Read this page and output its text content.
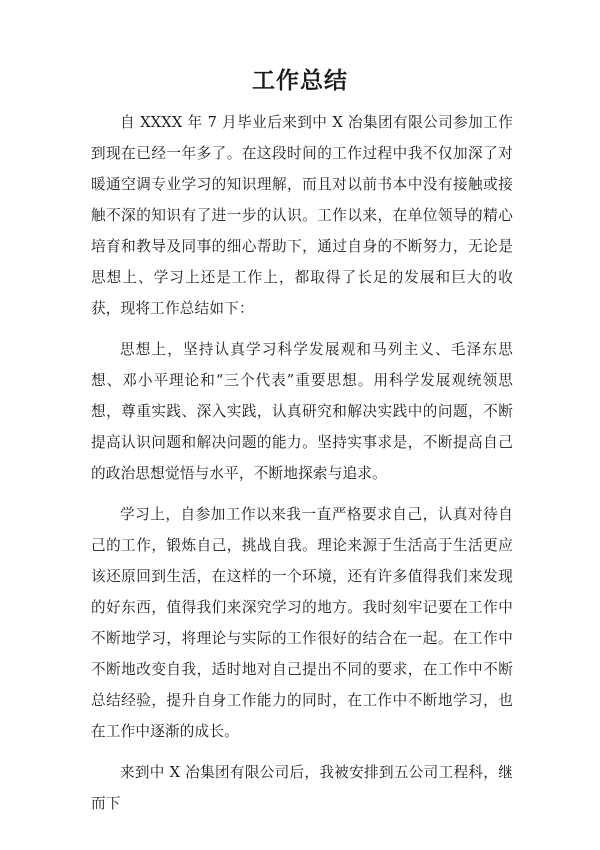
工作总结

自 XXXX 年 7 月毕业后来到中 X 冶集团有限公司参加工作到现在已经一年多了。在这段时间的工作过程中我不仅加深了对暖通空调专业学习的知识理解，而且对以前书本中没有接触或接触不深的知识有了进一步的认识。工作以来，在单位领导的精心培育和教导及同事的细心帮助下，通过自身的不断努力，无论是思想上、学习上还是工作上，都取得了长足的发展和巨大的收获，现将工作总结如下：

思想上，坚持认真学习科学发展观和马列主义、毛泽东思想、邓小平理论和“三个代表”重要思想。用科学发展观统领思想，尊重实践、深入实践，认真研究和解决实践中的问题，不断提高认识问题和解决问题的能力。坚持实事求是，不断提高自己的政治思想觉悟与水平，不断地探索与追求。

学习上，自参加工作以来我一直严格要求自己，认真对待自己的工作，锻炼自己，挑战自我。理论来源于生活高于生活更应该还原回到生活，在这样的一个环境，还有许多值得我们来发现的好东西，值得我们来深究学习的地方。我时刻牢记要在工作中不断地学习，将理论与实际的工作很好的结合在一起。在工作中不断地改变自我，适时地对自己提出不同的要求，在工作中不断总结经验，提升自身工作能力的同时，在工作中不断地学习，也在工作中逐渐的成长。

来到中 X 冶集团有限公司后，我被安排到五公司工程科，继而下
